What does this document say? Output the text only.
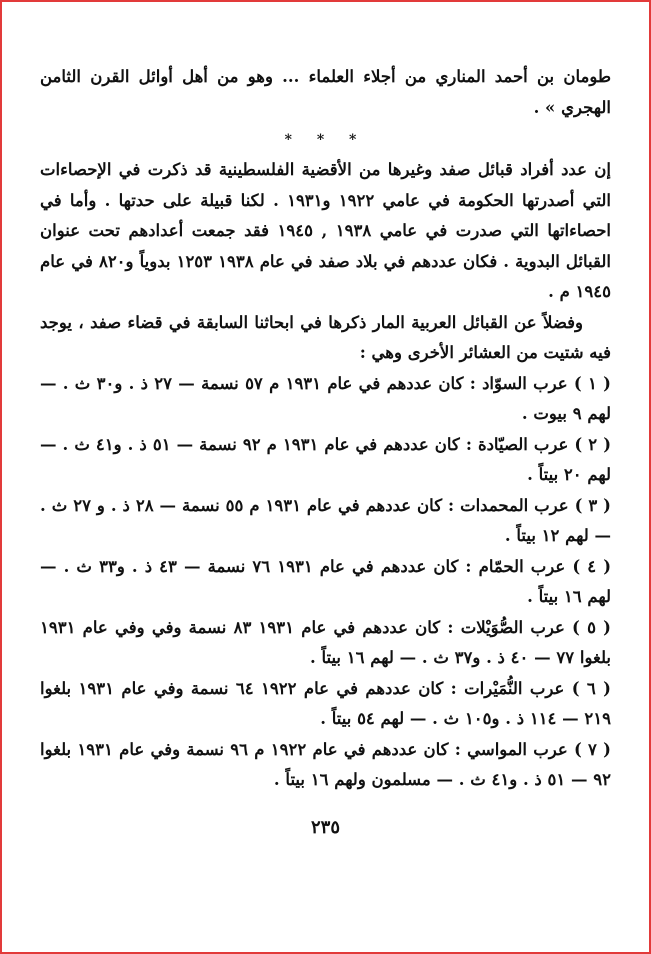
طومان بن أحمد المناري من أجلاء العلماء ... وهو من أهل أوائل القرن الثامن الهجري » .

* * *

إن عدد أفراد قبائل صفد وغيرها من الأقضية الفلسطينية قد ذكرت في الإحصاءات التي أصدرتها الحكومة في عامي ١٩٢٢ و١٩٣١ . لكنا قبيلة على حدتها . وأما في احصاءاتها التي صدرت في عامي ١٩٣٨ , ١٩٤٥ فقد جمعت أعدادهم تحت عنوان القبائل البدوية . فكان عددهم في بلاد صفد في عام ١٩٣٨ ١٢٥٣ بدوياً و٨٢٠ في عام ١٩٤٥ م .

وفضلاً عن القبائل العربية المار ذكرها في ابحاثنا السابقة في قضاء صفد ، يوجد فيه شتيت من العشائر الأخرى وهي :

( ١ ) عرب السوّاد : كان عددهم في عام ١٩٣١ م ٥٧ نسمة — ٢٧ ذ . و٣٠ ث . — لهم ٩ بيوت .

( ٢ ) عرب الصيّادة : كان عددهم في عام ١٩٣١ م ٩٢ نسمة — ٥١ ذ . و٤١ ث . — لهم ٢٠ بيتاً .

( ٣ ) عرب المحمدات : كان عددهم في عام ١٩٣١ م ٥٥ نسمة — ٢٨ ذ . و ٢٧ ث . — لهم ١٢ بيتاً .

( ٤ ) عرب الحمّام : كان عددهم في عام ١٩٣١ ٧٦ نسمة — ٤٣ ذ . و٣٣ ث . — لهم ١٦ بيتاً .

( ٥ ) عرب الصُّوَيْلات : كان عددهم في عام ١٩٣١ ٨٣ نسمة وفي وفي عام ١٩٣١ بلغوا ٧٧ — ٤٠ ذ . و٣٧ ث . — لهم ١٦ بيتاً .

( ٦ ) عرب النُّمَيْرات : كان عددهم في عام ١٩٢٢ ٦٤ نسمة وفي عام ١٩٣١ بلغوا ٢١٩ — ١١٤ ذ . و١٠٥ ث . — لهم ٥٤ بيتاً .

( ٧ ) عرب المواسي : كان عددهم في عام ١٩٢٢ م ٩٦ نسمة وفي عام ١٩٣١ بلغوا ٩٢ — ٥١ ذ . و٤١ ث . — مسلمون ولهم ١٦ بيتاً .

٢٣٥
